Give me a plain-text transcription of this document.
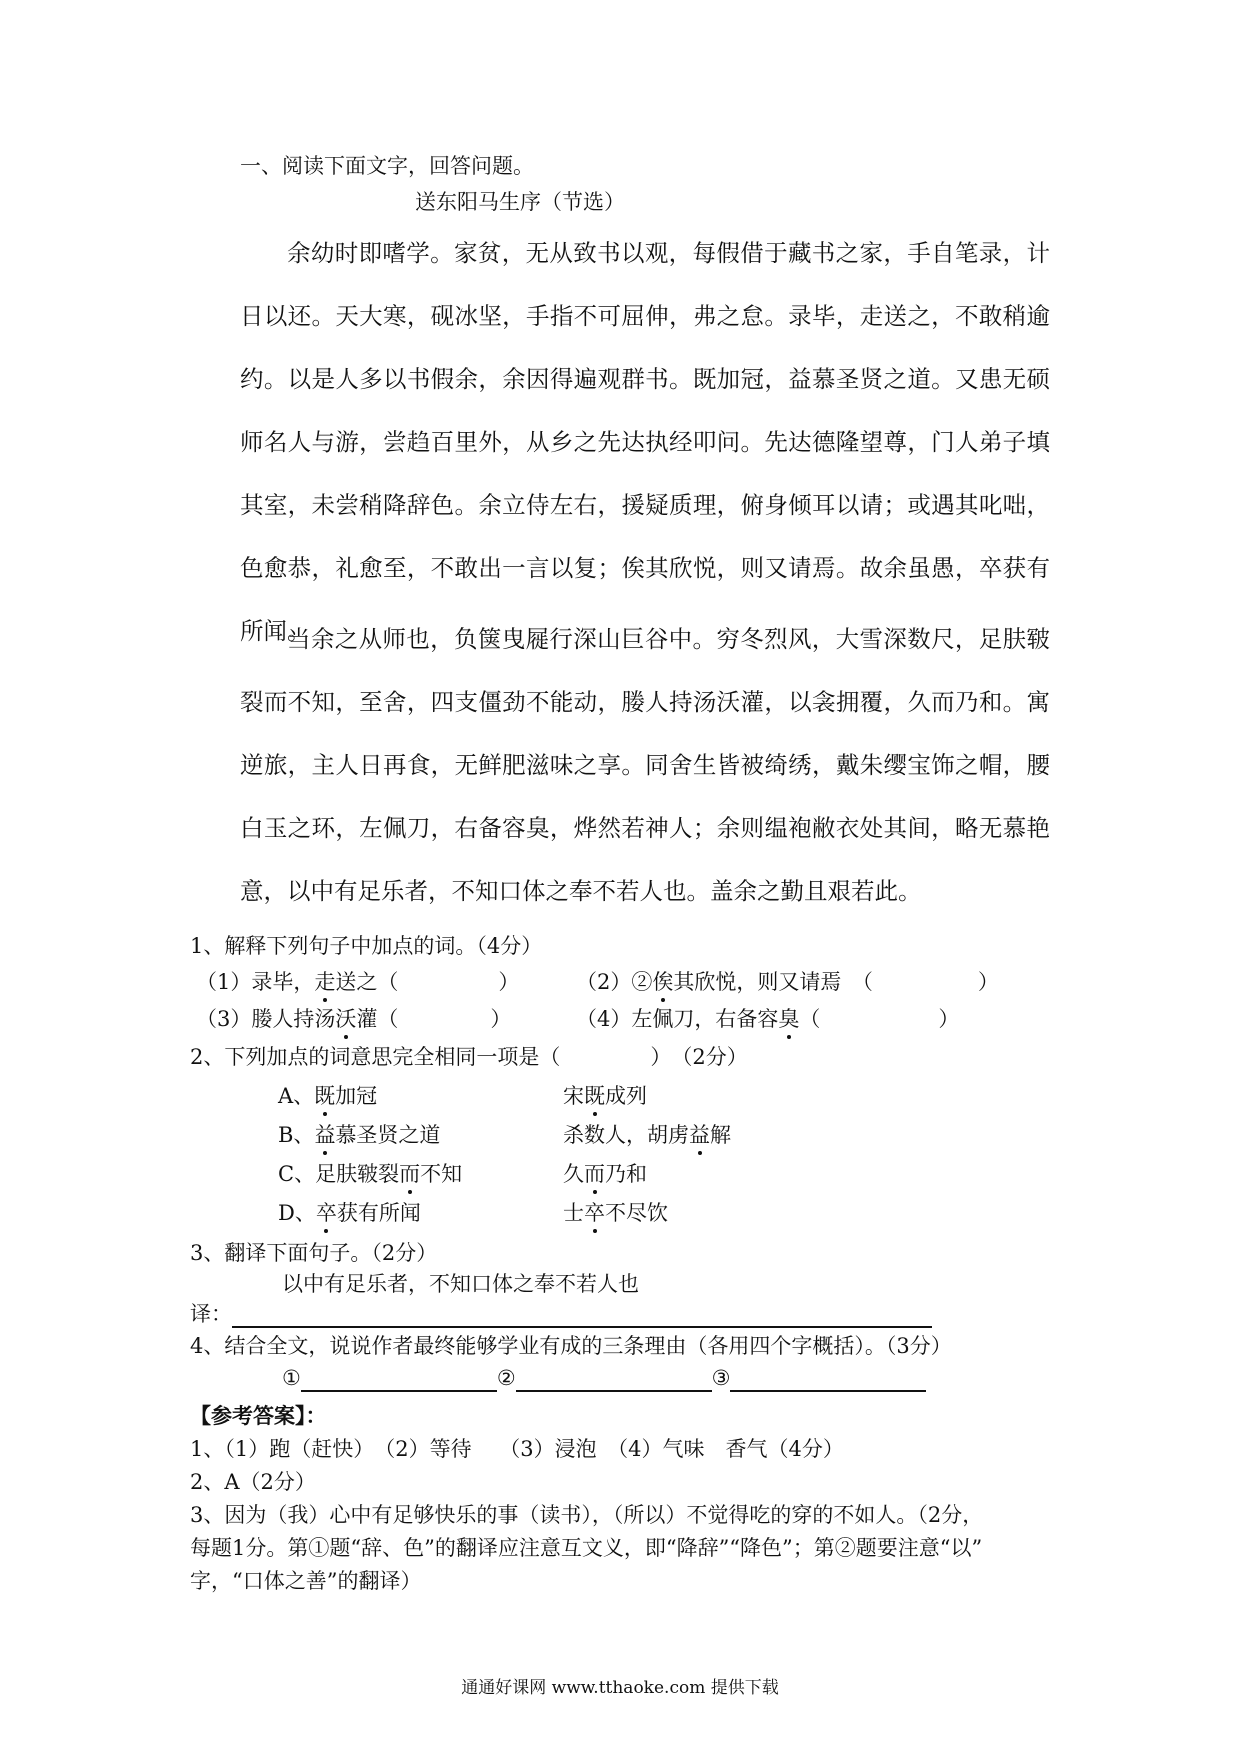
一、阅读下面文字，回答问题。
送东阳马生序（节选）

余幼时即嗜学。家贫，无从致书以观，每假借于藏书之家，手自笔录，计日以还。天大寒，砚冰坚，手指不可屈伸，弗之怠。录毕，走送之，不敢稍逾约。以是人多以书假余，余因得遍观群书。既加冠，益慕圣贤之道。又患无硕师名人与游，尝趋百里外，从乡之先达执经叩问。先达德隆望尊，门人弟子填其室，未尝稍降辞色。余立侍左右，援疑质理，俯身倾耳以请；或遇其叱咄，色愈恭，礼愈至，不敢出一言以复；俟其欣悦，则又请焉。故余虽愚，卒获有所闻。

当余之从师也，负箧曳屣行深山巨谷中。穷冬烈风，大雪深数尺，足肤皲裂而不知，至舍，四支僵劲不能动，媵人持汤沃灌，以衾拥覆，久而乃和。寓逆旅，主人日再食，无鲜肥滋味之享。同舍生皆被绮绣，戴朱缨宝饰之帽，腰白玉之环，左佩刀，右备容臭，烨然若神人；余则缊袍敝衣处其间，略无慕艳意，以中有足乐者，不知口体之奉不若人也。盖余之勤且艰若此。

1、解释下列句子中加点的词。（4分）
（1）录毕，走送之（	）	（2）②俟其欣悦，则又请焉　（	）
（3）媵人持汤沃灌（	）	（4）左佩刀，右备容臭（	）
2、下列加点的词意思完全相同一项是（	）　（2分）
A、既加冠	宋既成列
B、益慕圣贤之道	杀数人，胡虏益解
C、足肤皲裂而不知	久而乃和
D、卒获有所闻	士卒不尽饮
3、翻译下面句子。（2分）
以中有足乐者，不知口体之奉不若人也
译：
4、结合全文，说说作者最终能够学业有成的三条理由（各用四个字概括）。（3分）
①	②	③
【参考答案】：
1、（1）跑（赶快）　（2）等待　 （3）浸泡　（4）气味　香气（4分）
2、A（2分）
3、因为（我）心中有足够快乐的事（读书），（所以）不觉得吃的穿的不如人。（2分，
每题1分。第①题“辞、色”的翻译应注意互文义，即“降辞”“降色”；第②题要注意“以”
字，“口体之善”的翻译）
通通好课网 www.tthaoke.com 提供下载
